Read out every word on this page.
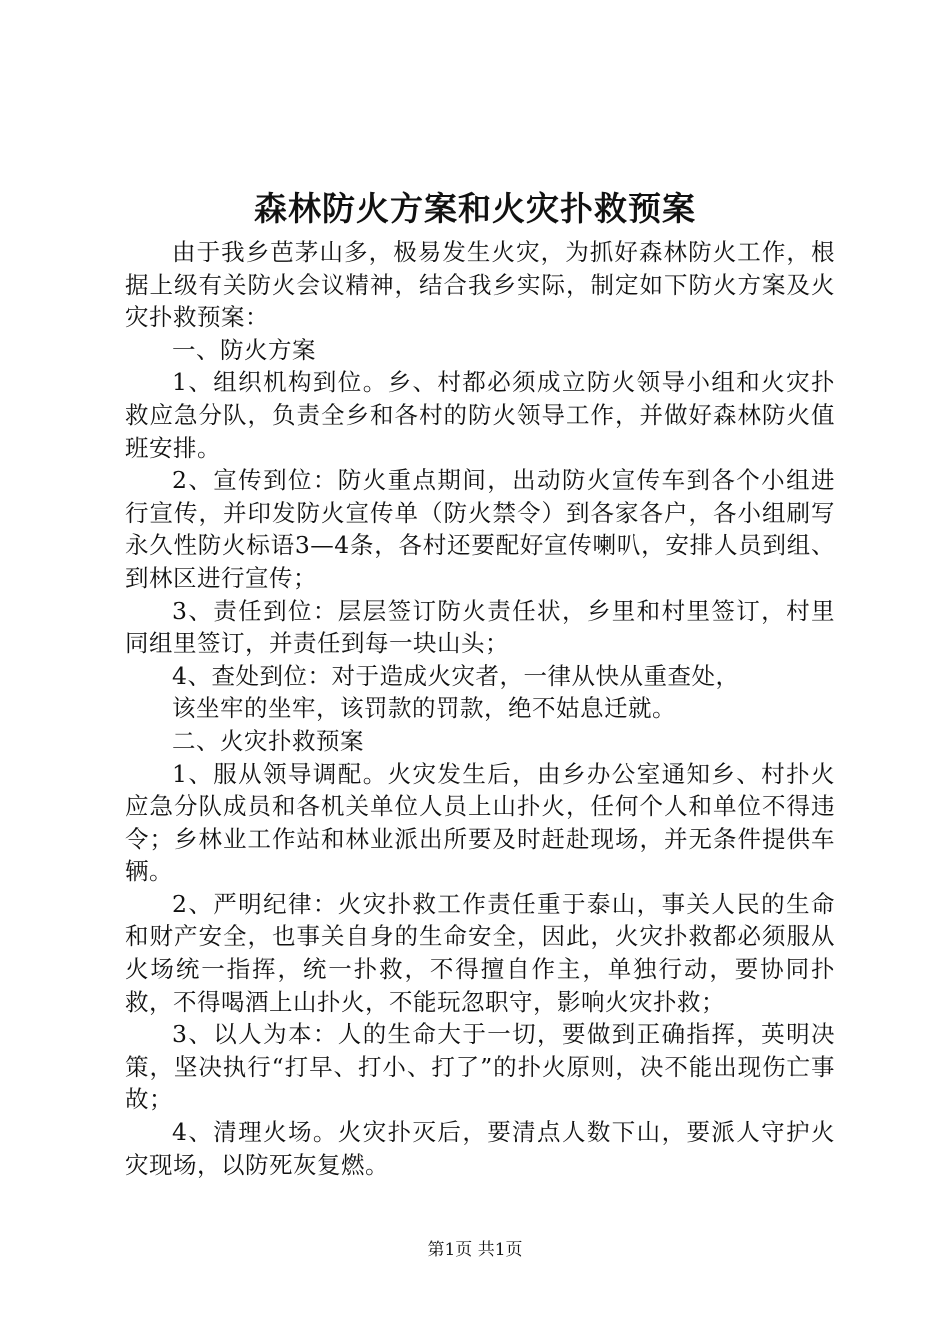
森林防火方案和火灾扑救预案

由于我乡芭茅山多，极易发生火灾，为抓好森林防火工作，根据上级有关防火会议精神，结合我乡实际，制定如下防火方案及火灾扑救预案：

一、防火方案

1、组织机构到位。乡、村都必须成立防火领导小组和火灾扑救应急分队，负责全乡和各村的防火领导工作，并做好森林防火值班安排。

2、宣传到位：防火重点期间，出动防火宣传车到各个小组进行宣传，并印发防火宣传单（防火禁令）到各家各户，各小组刷写永久性防火标语3—4条，各村还要配好宣传喇叭，安排人员到组、到林区进行宣传；

3、责任到位：层层签订防火责任状，乡里和村里签订，村里同组里签订，并责任到每一块山头；

4、查处到位：对于造成火灾者，一律从快从重查处，

该坐牢的坐牢，该罚款的罚款，绝不姑息迁就。

二、火灾扑救预案

1、服从领导调配。火灾发生后，由乡办公室通知乡、村扑火应急分队成员和各机关单位人员上山扑火，任何个人和单位不得违令；乡林业工作站和林业派出所要及时赶赴现场，并无条件提供车辆。

2、严明纪律：火灾扑救工作责任重于泰山，事关人民的生命和财产安全，也事关自身的生命安全，因此，火灾扑救都必须服从火场统一指挥，统一扑救，不得擅自作主，单独行动，要协同扑救，不得喝酒上山扑火，不能玩忽职守，影响火灾扑救；

3、以人为本：人的生命大于一切，要做到正确指挥，英明决策，坚决执行“打早、打小、打了”的扑火原则，决不能出现伤亡事故；

4、清理火场。火灾扑灭后，要清点人数下山，要派人守护火灾现场，以防死灰复燃。

第1页 共1页
